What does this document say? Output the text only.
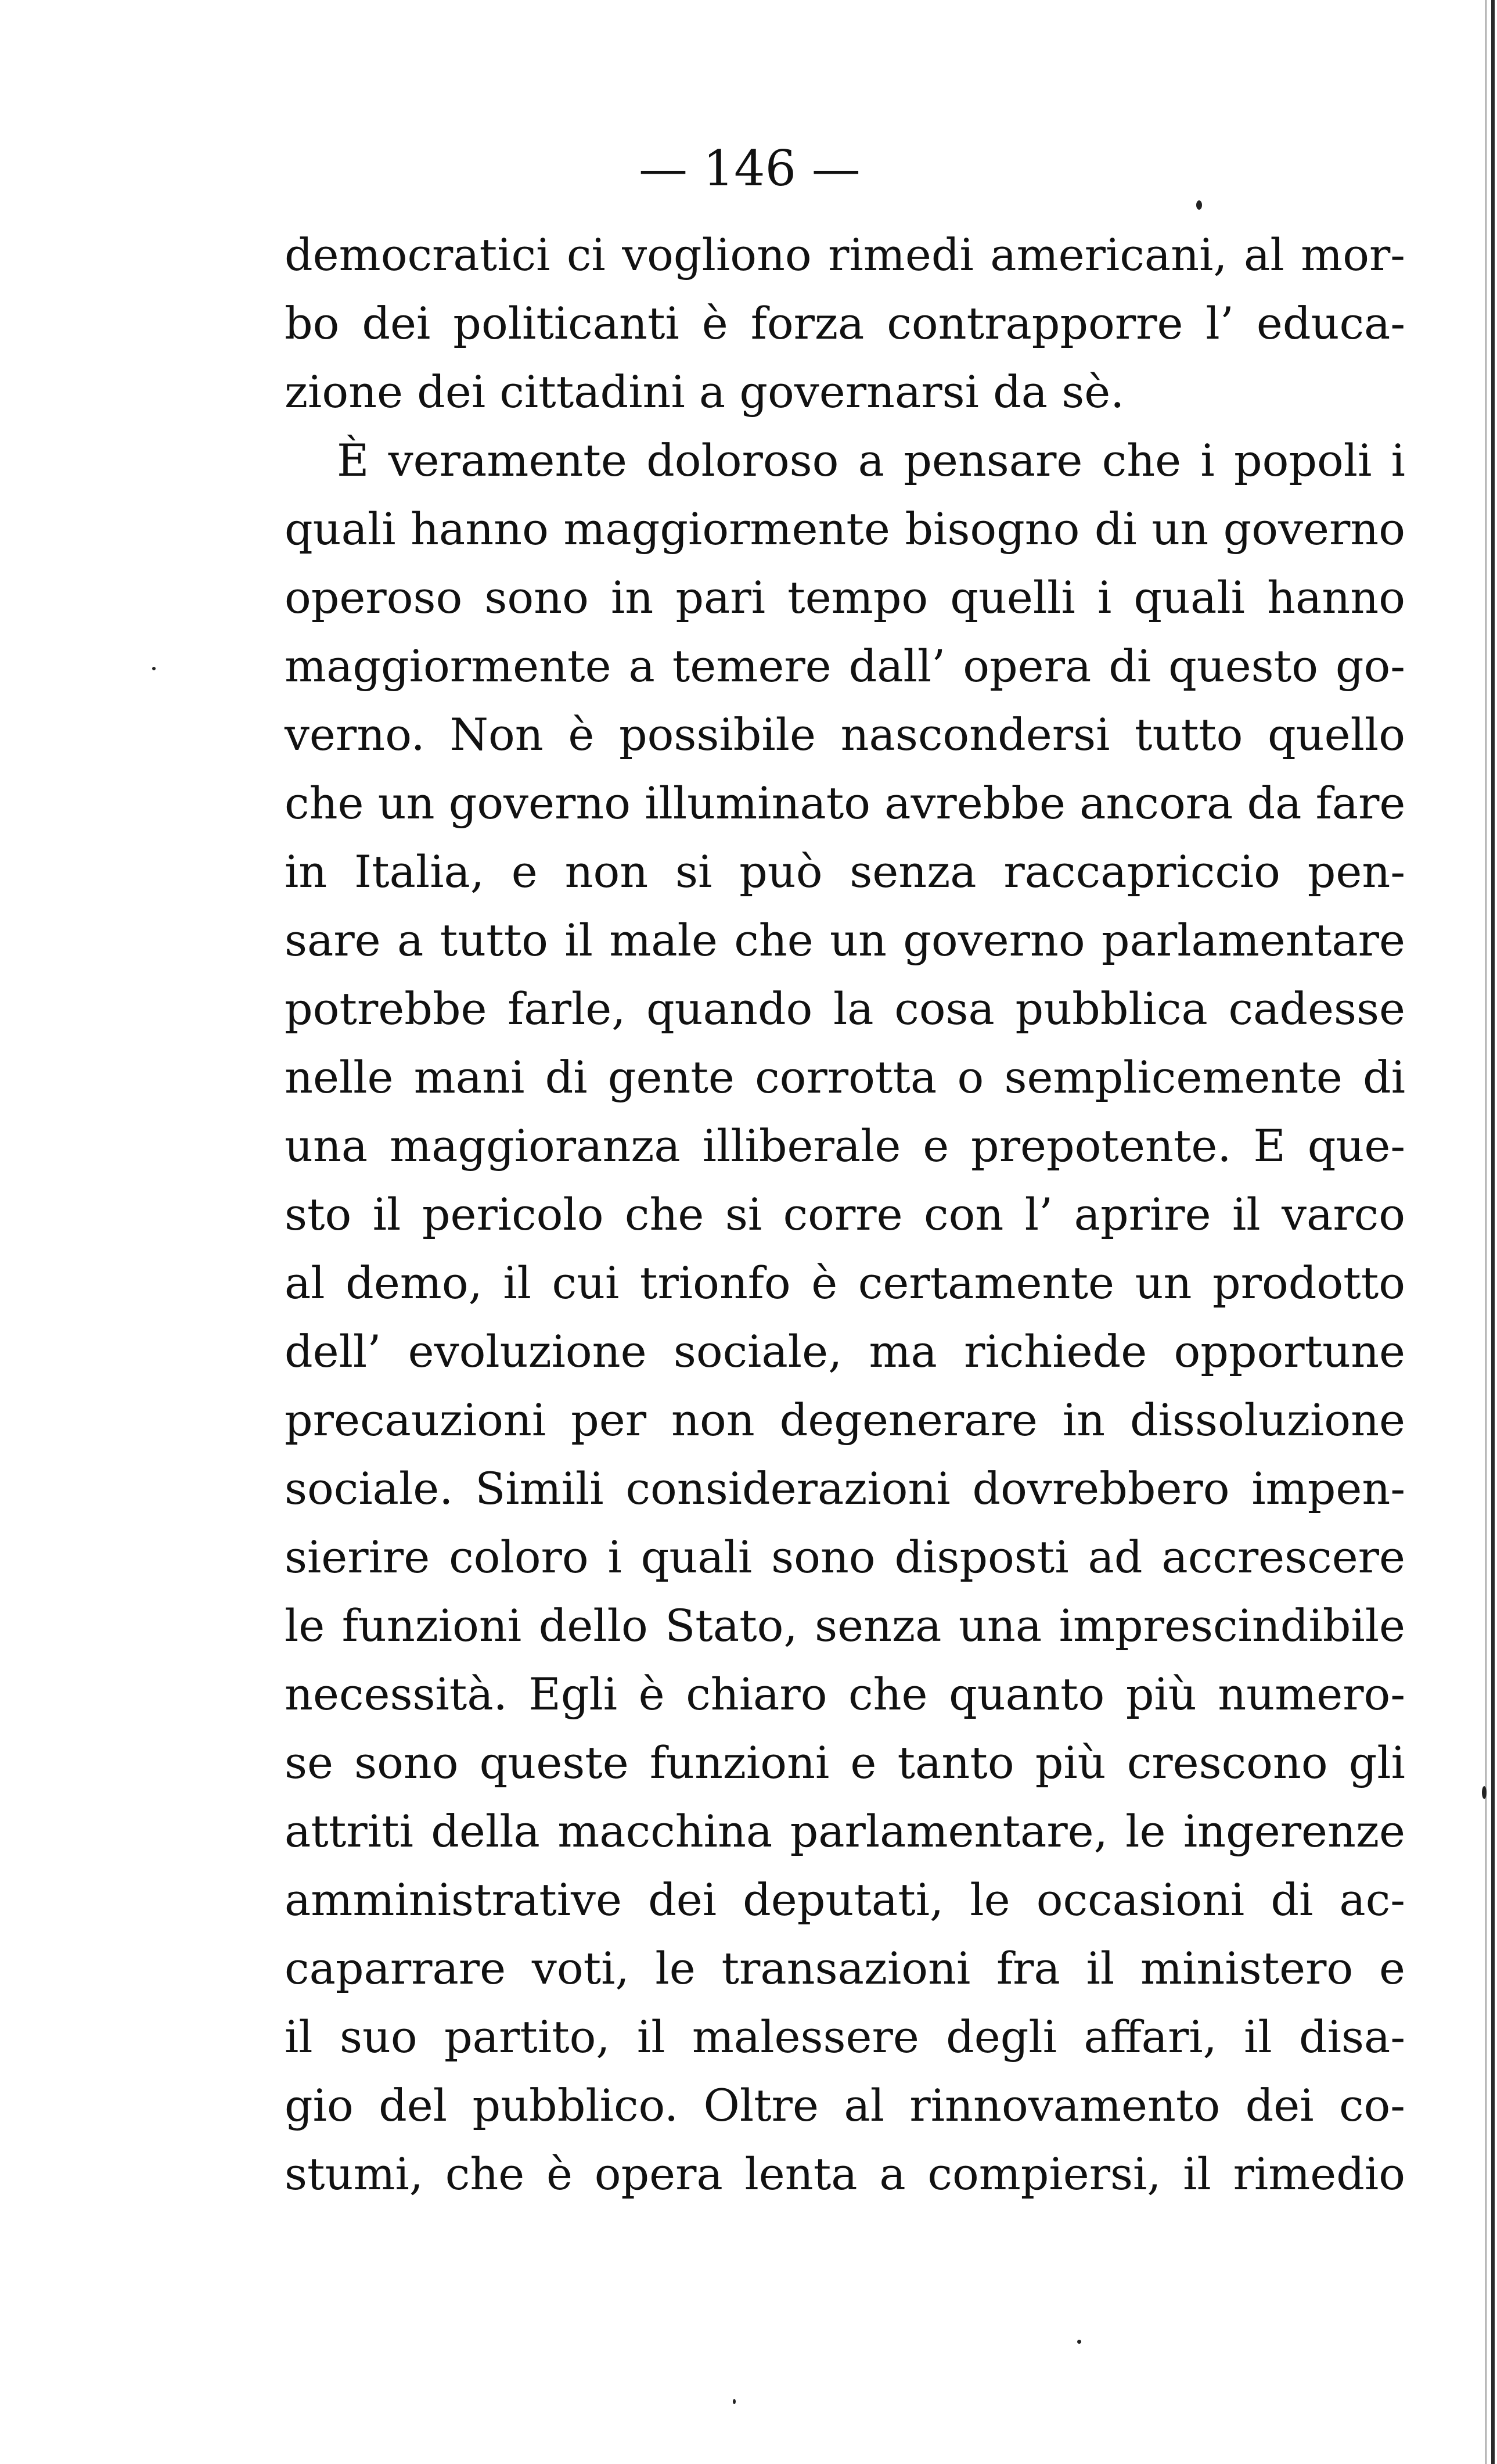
— 146 —
democratici ci vogliono rimedi americani, al mor-
bo dei politicanti è forza contrapporre l’ educa-
zione dei cittadini a governarsi da sè.
È veramente doloroso a pensare che i popoli i
quali hanno maggiormente bisogno di un governo
operoso sono in pari tempo quelli i quali hanno
maggiormente a temere dall’ opera di questo go-
verno. Non è possibile nascondersi tutto quello
che un governo illuminato avrebbe ancora da fare
in Italia, e non si può senza raccapriccio pen-
sare a tutto il male che un governo parlamentare
potrebbe farle, quando la cosa pubblica cadesse
nelle mani di gente corrotta o semplicemente di
una maggioranza illiberale e prepotente. E que-
sto il pericolo che si corre con l’ aprire il varco
al demo, il cui trionfo è certamente un prodotto
dell’ evoluzione sociale, ma richiede opportune
precauzioni per non degenerare in dissoluzione
sociale. Simili considerazioni dovrebbero impen-
sierire coloro i quali sono disposti ad accrescere
le funzioni dello Stato, senza una imprescindibile
necessità. Egli è chiaro che quanto più numero-
se sono queste funzioni e tanto più crescono gli
attriti della macchina parlamentare, le ingerenze
amministrative dei deputati, le occasioni di ac-
caparrare voti, le transazioni fra il ministero e
il suo partito, il malessere degli affari, il disa-
gio del pubblico. Oltre al rinnovamento dei co-
stumi, che è opera lenta a compiersi, il rimedio
